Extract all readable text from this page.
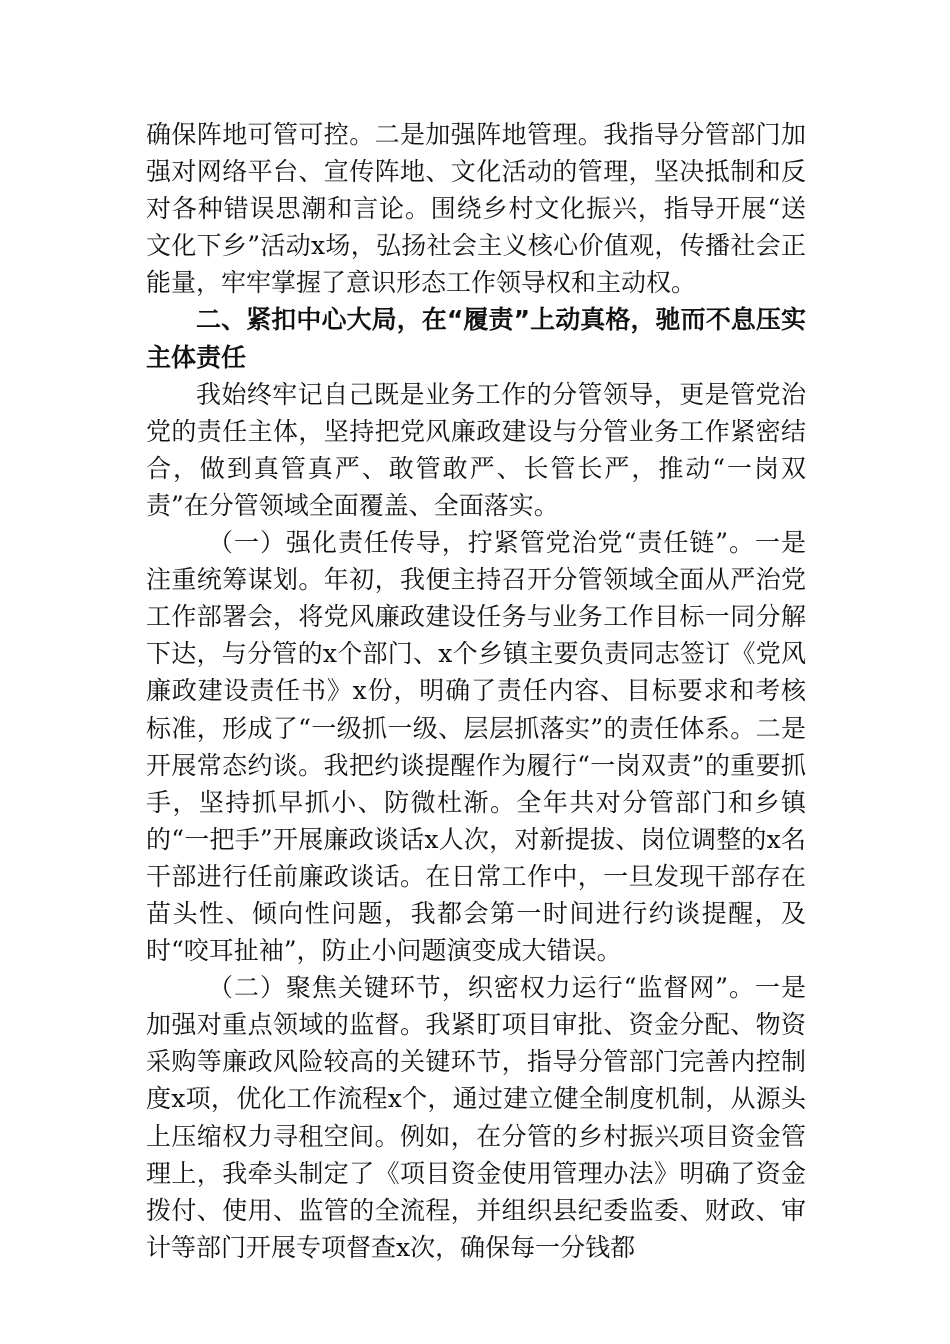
确保阵地可管可控。二是加强阵地管理。我指导分管部门加强对网络平台、宣传阵地、文化活动的管理，坚决抵制和反对各种错误思潮和言论。围绕乡村文化振兴，指导开展“送文化下乡”活动x场，弘扬社会主义核心价值观，传播社会正能量，牢牢掌握了意识形态工作领导权和主动权。

二、紧扣中心大局，在“履责”上动真格，驰而不息压实主体责任

我始终牢记自己既是业务工作的分管领导，更是管党治党的责任主体，坚持把党风廉政建设与分管业务工作紧密结合，做到真管真严、敢管敢严、长管长严，推动“一岗双责”在分管领域全面覆盖、全面落实。

（一）强化责任传导，拧紧管党治党“责任链”。一是注重统筹谋划。年初，我便主持召开分管领域全面从严治党工作部署会，将党风廉政建设任务与业务工作目标一同分解下达，与分管的x个部门、x个乡镇主要负责同志签订《党风廉政建设责任书》x份，明确了责任内容、目标要求和考核标准，形成了“一级抓一级、层层抓落实”的责任体系。二是开展常态约谈。我把约谈提醒作为履行“一岗双责”的重要抓手，坚持抓早抓小、防微杜渐。全年共对分管部门和乡镇的“一把手”开展廉政谈话x人次，对新提拔、岗位调整的x名干部进行任前廉政谈话。在日常工作中，一旦发现干部存在苗头性、倾向性问题，我都会第一时间进行约谈提醒，及时“咬耳扯袖”，防止小问题演变成大错误。

（二）聚焦关键环节，织密权力运行“监督网”。一是加强对重点领域的监督。我紧盯项目审批、资金分配、物资采购等廉政风险较高的关键环节，指导分管部门完善内控制度x项，优化工作流程x个，通过建立健全制度机制，从源头上压缩权力寻租空间。例如，在分管的乡村振兴项目资金管理上，我牵头制定了《项目资金使用管理办法》明确了资金拨付、使用、监管的全流程，并组织县纪委监委、财政、审计等部门开展专项督查x次，确保每一分钱都
